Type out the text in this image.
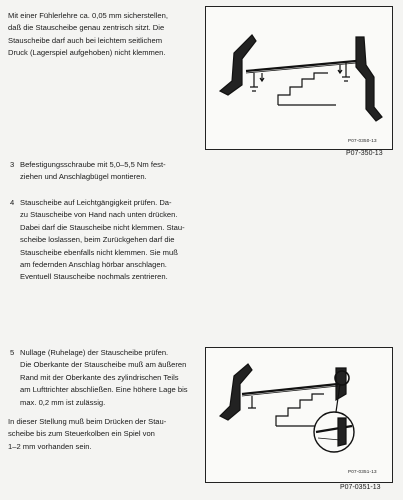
Mit einer Fühlerlehre ca. 0,05 mm sicherstellen,
daß die Stauscheibe genau zentrisch sitzt. Die
Stauscheibe darf auch bei leichtem seitlichem
Druck (Lagerspiel aufgehoben) nicht klemmen.
3 Befestigungsschraube mit 5,0–5,5 Nm fest-
ziehen und Anschlagbügel montieren.
4 Stauscheibe auf Leichtgängigkeit prüfen. Da-
zu Stauscheibe von Hand nach unten drücken.
Dabei darf die Stauscheibe nicht klemmen. Stau-
scheibe loslassen, beim Zurückgehen darf die
Stauscheibe ebenfalls nicht klemmen. Sie muß
am federnden Anschlag hörbar anschlagen.
Eventuell Stauscheibe nochmals zentrieren.
5 Nullage (Ruhelage) der Stauscheibe prüfen.
Die Oberkante der Stauscheibe muß am äußeren
Rand mit der Oberkante des zylindrischen Teils
am Lufttrichter abschließen. Eine höhere Lage bis
max. 0,2 mm ist zulässig.
In dieser Stellung muß beim Drücken der Stau-
scheibe bis zum Steuerkolben ein Spiel von
1–2 mm vorhanden sein.
P07-0350-13
P07-350-13
P07-0351-13
P07-0351-13
